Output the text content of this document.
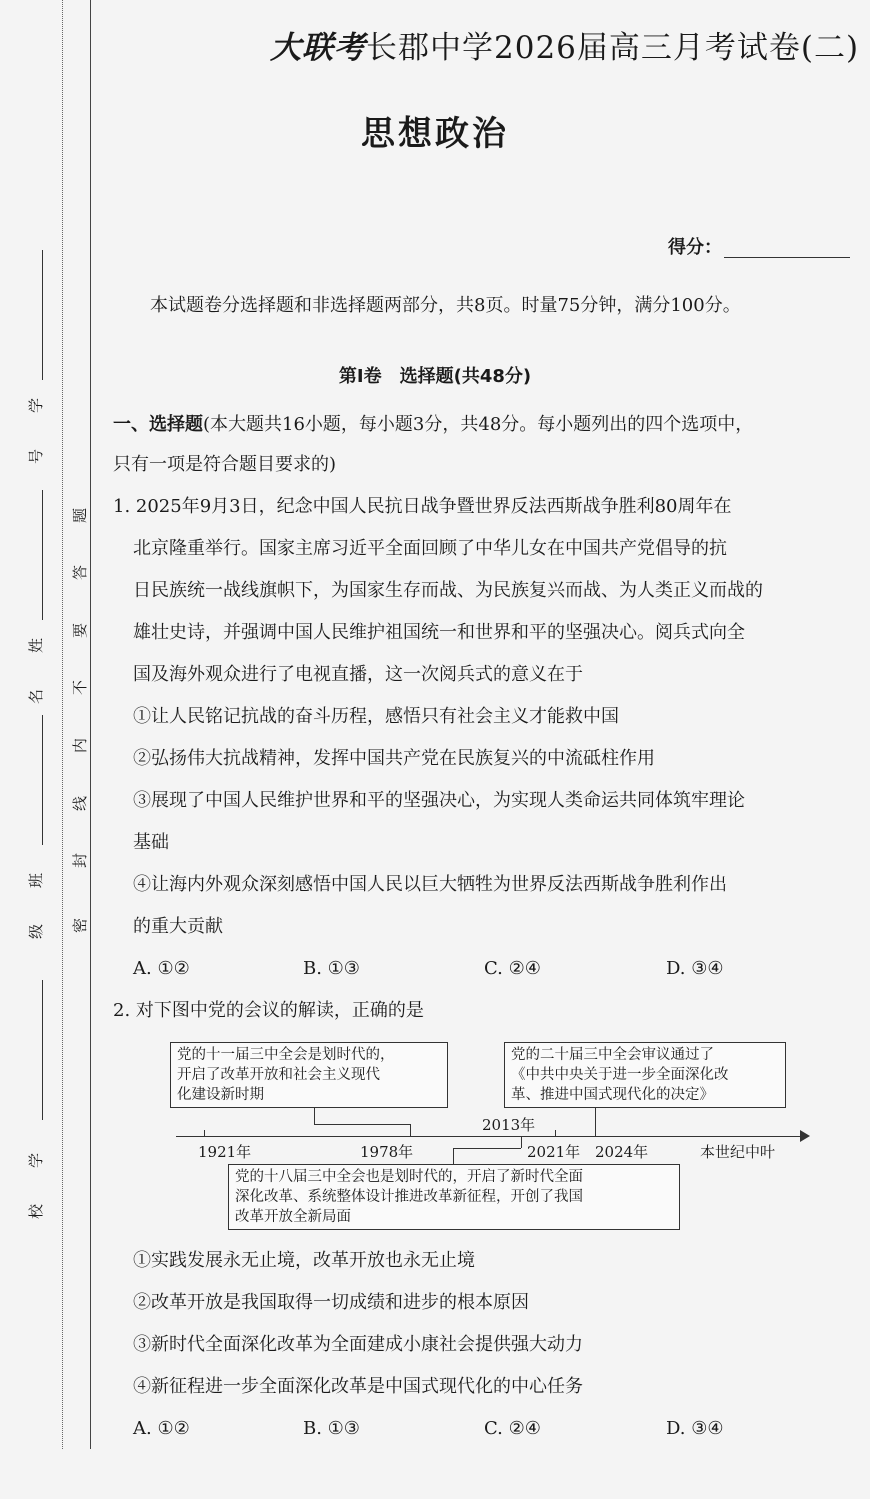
学
号
姓
名
班
级
学
校
密
封
线
内
不
要
答
题
大联考长郡中学2026届高三月考试卷(二)
思想政治
得分：
本试题卷分选择题和非选择题两部分，共8页。时量75分钟，满分100分。
第Ⅰ卷　选择题(共48分)
一、选择题(本大题共16小题，每小题3分，共48分。每小题列出的四个选项中，
只有一项是符合题目要求的)
1. 2025年9月3日，纪念中国人民抗日战争暨世界反法西斯战争胜利80周年在
北京隆重举行。国家主席习近平全面回顾了中华儿女在中国共产党倡导的抗
日民族统一战线旗帜下，为国家生存而战、为民族复兴而战、为人类正义而战的
雄壮史诗，并强调中国人民维护祖国统一和世界和平的坚强决心。阅兵式向全
国及海外观众进行了电视直播，这一次阅兵式的意义在于
①让人民铭记抗战的奋斗历程，感悟只有社会主义才能救中国
②弘扬伟大抗战精神，发挥中国共产党在民族复兴的中流砥柱作用
③展现了中国人民维护世界和平的坚强决心，为实现人类命运共同体筑牢理论
基础
④让海内外观众深刻感悟中国人民以巨大牺牲为世界反法西斯战争胜利作出
的重大贡献
A. ①②	B. ①③	C. ②④	D. ③④
2. 对下图中党的会议的解读，正确的是
党的十一届三中全会是划时代的，
开启了改革开放和社会主义现代
化建设新时期
党的二十届三中全会审议通过了
《中共中央关于进一步全面深化改
革、推进中国式现代化的决定》
1921年	1978年
2013年
2021年 2024年	本世纪中叶
党的十八届三中全会也是划时代的，开启了新时代全面
深化改革、系统整体设计推进改革新征程，开创了我国
改革开放全新局面
①实践发展永无止境，改革开放也永无止境
②改革开放是我国取得一切成绩和进步的根本原因
③新时代全面深化改革为全面建成小康社会提供强大动力
④新征程进一步全面深化改革是中国式现代化的中心任务
A. ①②	B. ①③	C. ②④	D. ③④
